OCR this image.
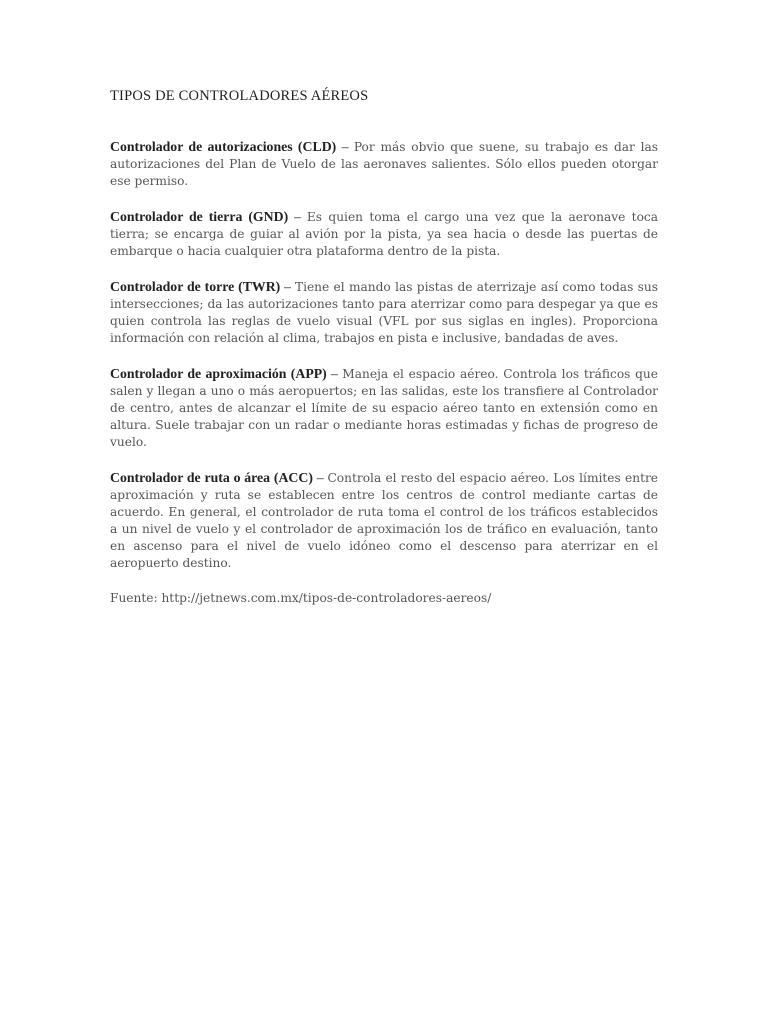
TIPOS DE CONTROLADORES AÉREOS

Controlador de autorizaciones (CLD) – Por más obvio que suene, su trabajo es dar las autorizaciones del Plan de Vuelo de las aeronaves salientes. Sólo ellos pueden otorgar ese permiso.

Controlador de tierra (GND) – Es quien toma el cargo una vez que la aeronave toca tierra; se encarga de guiar al avión por la pista, ya sea hacia o desde las puertas de embarque o hacia cualquier otra plataforma dentro de la pista.

Controlador de torre (TWR) – Tiene el mando las pistas de aterrizaje así como todas sus intersecciones; da las autorizaciones tanto para aterrizar como para despegar ya que es quien controla las reglas de vuelo visual (VFL por sus siglas en ingles). Proporciona información con relación al clima, trabajos en pista e inclusive, bandadas de aves.

Controlador de aproximación (APP) – Maneja el espacio aéreo. Controla los tráficos que salen y llegan a uno o más aeropuertos; en las salidas, este los transfiere al Controlador de centro, antes de alcanzar el límite de su espacio aéreo tanto en extensión como en altura. Suele trabajar con un radar o mediante horas estimadas y fichas de progreso de vuelo.

Controlador de ruta o área (ACC) – Controla el resto del espacio aéreo. Los límites entre aproximación y ruta se establecen entre los centros de control mediante cartas de acuerdo. En general, el controlador de ruta toma el control de los tráficos establecidos a un nivel de vuelo y el controlador de aproximación los de tráfico en evaluación, tanto en ascenso para el nivel de vuelo idóneo como el descenso para aterrizar en el aeropuerto destino.

Fuente: http://jetnews.com.mx/tipos-de-controladores-aereos/
